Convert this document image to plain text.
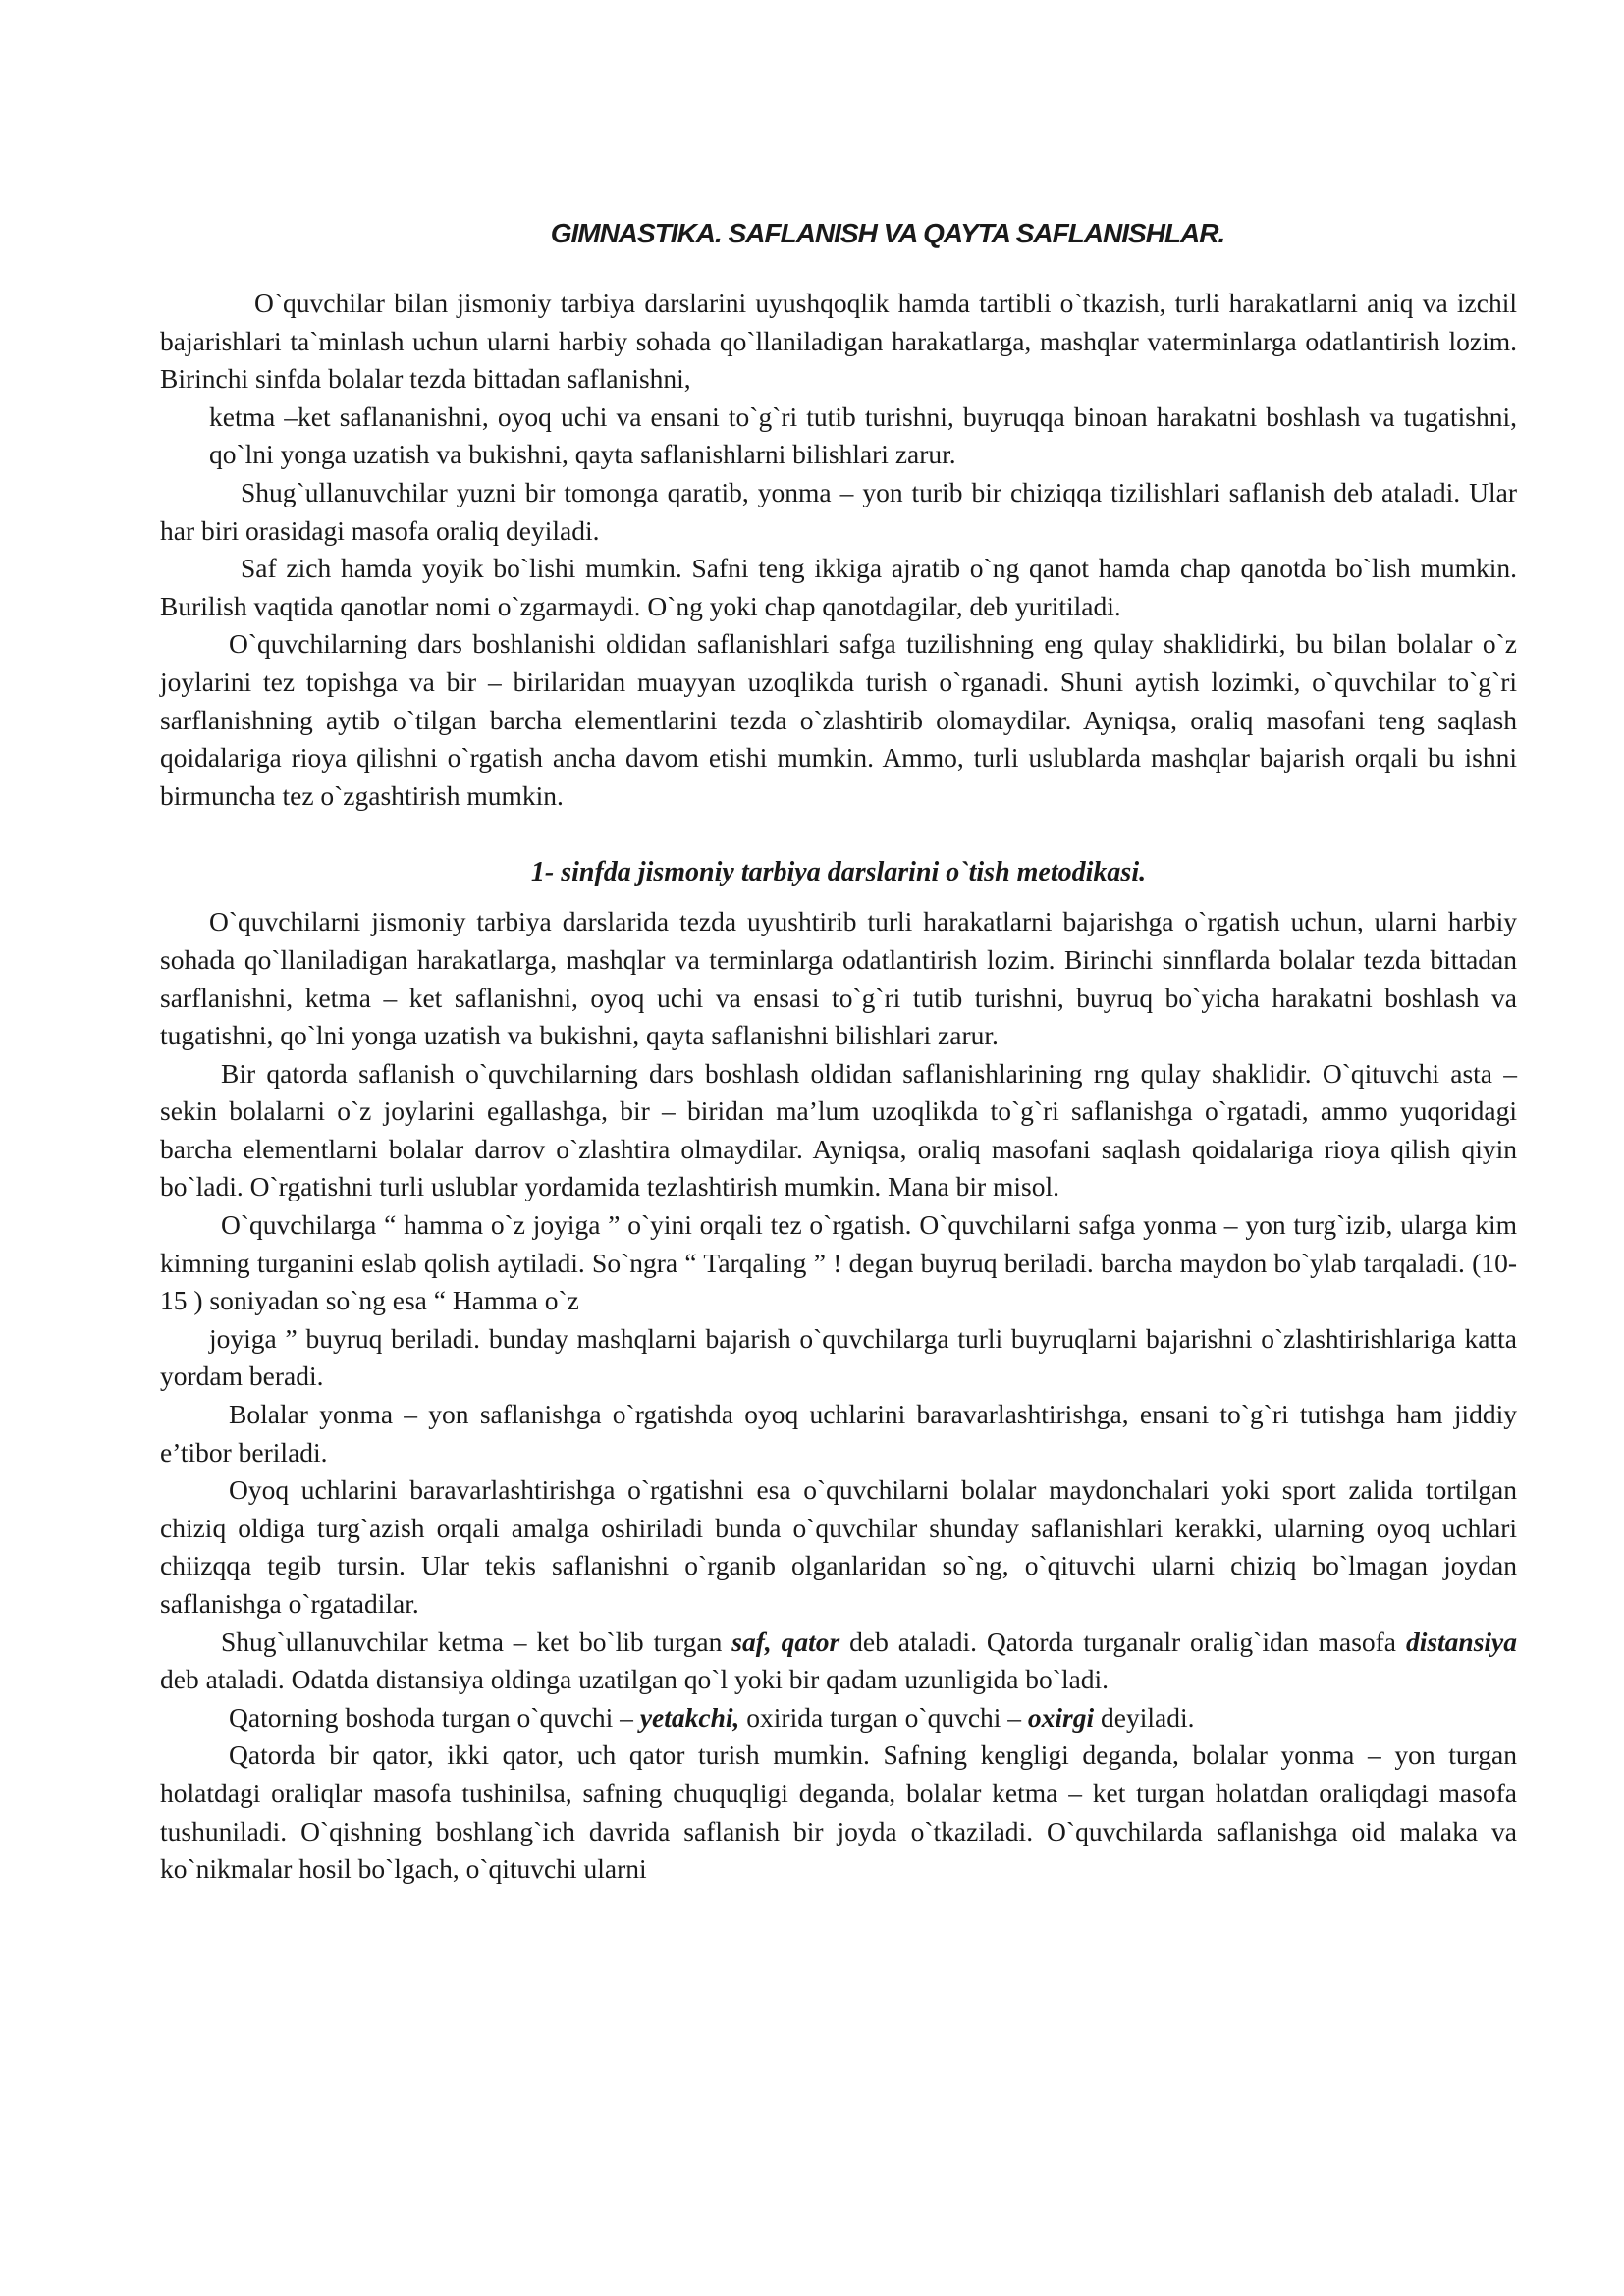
GIMNASTIKA. SAFLANISH VA QAYTA SAFLANISHLAR.

O`quvchilar bilan jismoniy tarbiya darslarini uyushqoqlik hamda tartibli o`tkazish, turli harakatlarni aniq va izchil bajarishlari ta`minlash uchun ularni harbiy sohada qo`llaniladigan harakatlarga, mashqlar vaterminlarga odatlantirish lozim. Birinchi sinfda bolalar tezda bittadan saflanishni,

ketma –ket saflananishni, oyoq uchi va ensani to`g`ri tutib turishni, buyruqqa binoan harakatni boshlash va tugatishni, qo`lni yonga uzatish va bukishni, qayta saflanishlarni bilishlari zarur.

Shug`ullanuvchilar yuzni bir tomonga qaratib, yonma – yon turib bir chiziqqa tizilishlari saflanish deb ataladi. Ular har biri orasidagi masofa oraliq deyiladi.

Saf zich hamda yoyik bo`lishi mumkin. Safni teng ikkiga ajratib o`ng qanot hamda chap qanotda bo`lish mumkin. Burilish vaqtida qanotlar nomi o`zgarmaydi. O`ng yoki chap qanotdagilar, deb yuritiladi.

O`quvchilarning dars boshlanishi oldidan saflanishlari safga tuzilishning eng qulay shaklidirki, bu bilan bolalar o`z joylarini tez topishga va bir – birilaridan muayyan uzoqlikda turish o`rganadi. Shuni aytish lozimki, o`quvchilar to`g`ri sarflanishning aytib o`tilgan barcha elementlarini tezda o`zlashtirib olomaydilar. Ayniqsa, oraliq masofani teng saqlash qoidalariga rioya qilishni o`rgatish ancha davom etishi mumkin. Ammo, turli uslublarda mashqlar bajarish orqali bu ishni birmuncha tez o`zgashtirish mumkin.

1- sinfda jismoniy tarbiya darslarini o`tish metodikasi.

O`quvchilarni jismoniy tarbiya darslarida tezda uyushtirib turli harakatlarni bajarishga o`rgatish uchun, ularni harbiy sohada qo`llaniladigan harakatlarga, mashqlar va terminlarga odatlantirish lozim. Birinchi sinnflarda bolalar tezda bittadan sarflanishni, ketma – ket saflanishni, oyoq uchi va ensasi to`g`ri tutib turishni, buyruq bo`yicha harakatni boshlash va tugatishni, qo`lni yonga uzatish va bukishni, qayta saflanishni bilishlari zarur.

Bir qatorda saflanish o`quvchilarning dars boshlash oldidan saflanishlarining rng qulay shaklidir. O`qituvchi asta – sekin bolalarni o`z joylarini egallashga, bir – biridan ma’lum uzoqlikda to`g`ri saflanishga o`rgatadi, ammo yuqoridagi barcha elementlarni bolalar darrov o`zlashtira olmaydilar. Ayniqsa, oraliq masofani saqlash qoidalariga rioya qilish qiyin bo`ladi. O`rgatishni turli uslublar yordamida tezlashtirish mumkin. Mana bir misol.

O`quvchilarga “ hamma o`z joyiga ” o`yini orqali tez o`rgatish. O`quvchilarni safga yonma – yon turg`izib, ularga kim kimning turganini eslab qolish aytiladi. So`ngra “ Tarqaling ” ! degan buyruq beriladi. barcha maydon bo`ylab tarqaladi. (10-15 ) soniyadan so`ng esa “ Hamma o`z

joyiga ” buyruq beriladi. bunday mashqlarni bajarish o`quvchilarga turli buyruqlarni bajarishni o`zlashtirishlariga katta yordam beradi.

Bolalar yonma – yon saflanishga o`rgatishda oyoq uchlarini baravarlashtirishga, ensani to`g`ri tutishga ham jiddiy e’tibor beriladi.

Oyoq uchlarini baravarlashtirishga o`rgatishni esa o`quvchilarni bolalar maydonchalari yoki sport zalida tortilgan chiziq oldiga turg`azish orqali amalga oshiriladi bunda o`quvchilar shunday saflanishlari kerakki, ularning oyoq uchlari chiizqqa tegib tursin. Ular tekis saflanishni o`rganib olganlaridan so`ng, o`qituvchi ularni chiziq bo`lmagan joydan saflanishga o`rgatadilar.

Shug`ullanuvchilar ketma – ket bo`lib turgan saf, qator deb ataladi. Qatorda turganalr oralig`idan masofa distansiya deb ataladi. Odatda distansiya oldinga uzatilgan qo`l yoki bir qadam uzunligida bo`ladi.

Qatorning boshoda turgan o`quvchi – yetakchi, oxirida turgan o`quvchi – oxirgi deyiladi.

Qatorda bir qator, ikki qator, uch qator turish mumkin. Safning kengligi deganda, bolalar yonma – yon turgan holatdagi oraliqlar masofa tushinilsa, safning chuquqligi deganda, bolalar ketma – ket turgan holatdan oraliqdagi masofa tushuniladi. O`qishning boshlang`ich davrida saflanish bir joyda o`tkaziladi. O`quvchilarda saflanishga oid malaka va ko`nikmalar hosil bo`lgach, o`qituvchi ularni
